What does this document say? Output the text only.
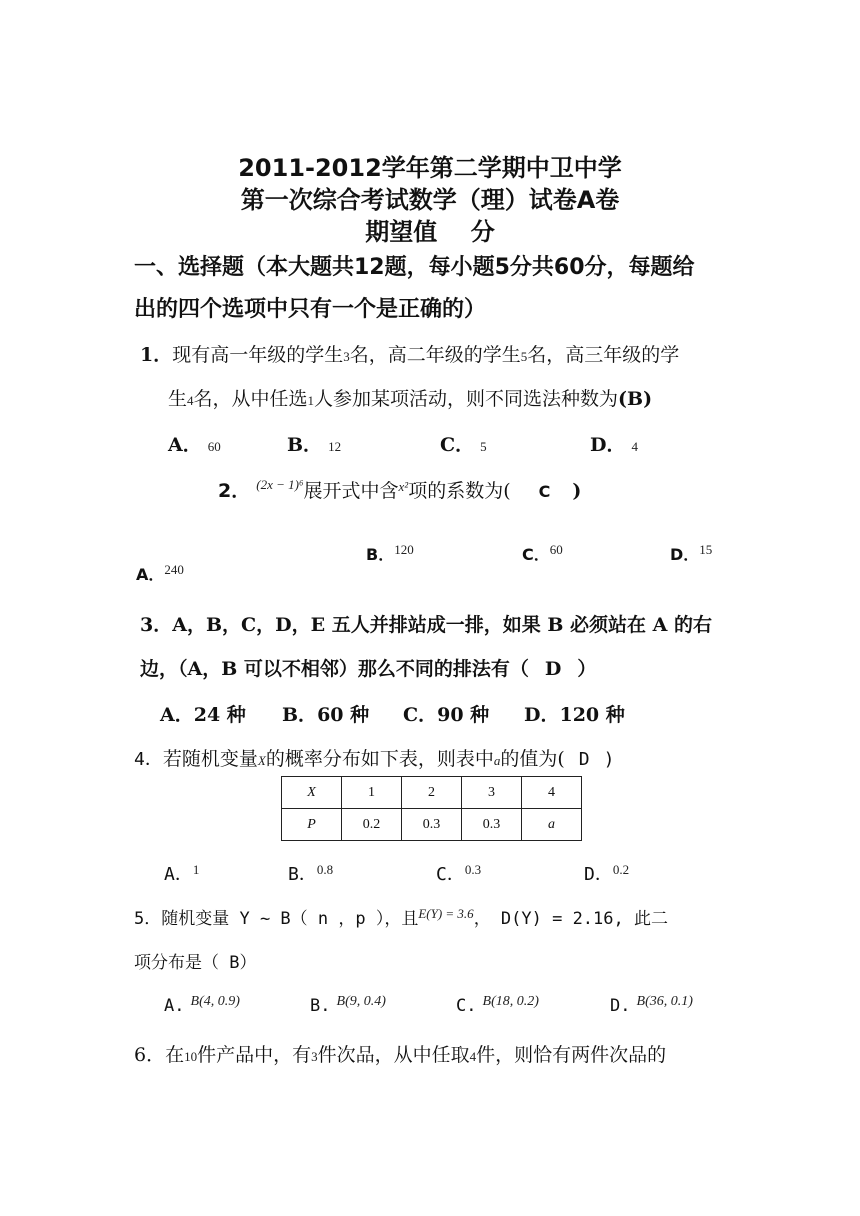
2011-2012学年第二学期中卫中学
第一次综合考试数学（理）试卷A卷
期望值    分
一、选择题（本大题共12题，每小题5分共60分，每题给
出的四个选项中只有一个是正确的）
1．现有高一年级的学生3名，高二年级的学生5名，高三年级的学
生4名，从中任选1人参加某项活动，则不同选法种数为(B)
A． 60	B． 12	C． 5	D． 4
2． $^{(2x - 1)^6}$展开式中含$^{x^2}$项的系数为( C )
A．$^{240}$
B．$^{120}$	C．$^{60}$	D．$^{15}$
3．A，B，C，D，E 五人并排站成一排，如果 B 必须站在 A 的右
边，（A，B 可以不相邻）那么不同的排法有（ D ）
A．24 种 B．60 种 C．90 种 D．120 种
4．若随机变量X的概率分布如下表，则表中a的值为( D )
X	1	2	3	4
P	0.2	0.3	0.3	a
A．$^1$	B．$^{0.8}$	C．$^{0.3}$	D．$^{0.2}$
5．随机变量 Y ~ B（ n ，p ），且$^{E(Y) = 3.6}$， D(Y) = 2.16, 此二
项分布是（ B）
A. $^{B(4, 0.9)}$	B. $^{B(9, 0.4)}$	C. $^{B(18, 0.2)}$	D. $^{B(36, 0.1)}$
6．在10件产品中，有3件次品，从中任取4件，则恰有两件次品的
